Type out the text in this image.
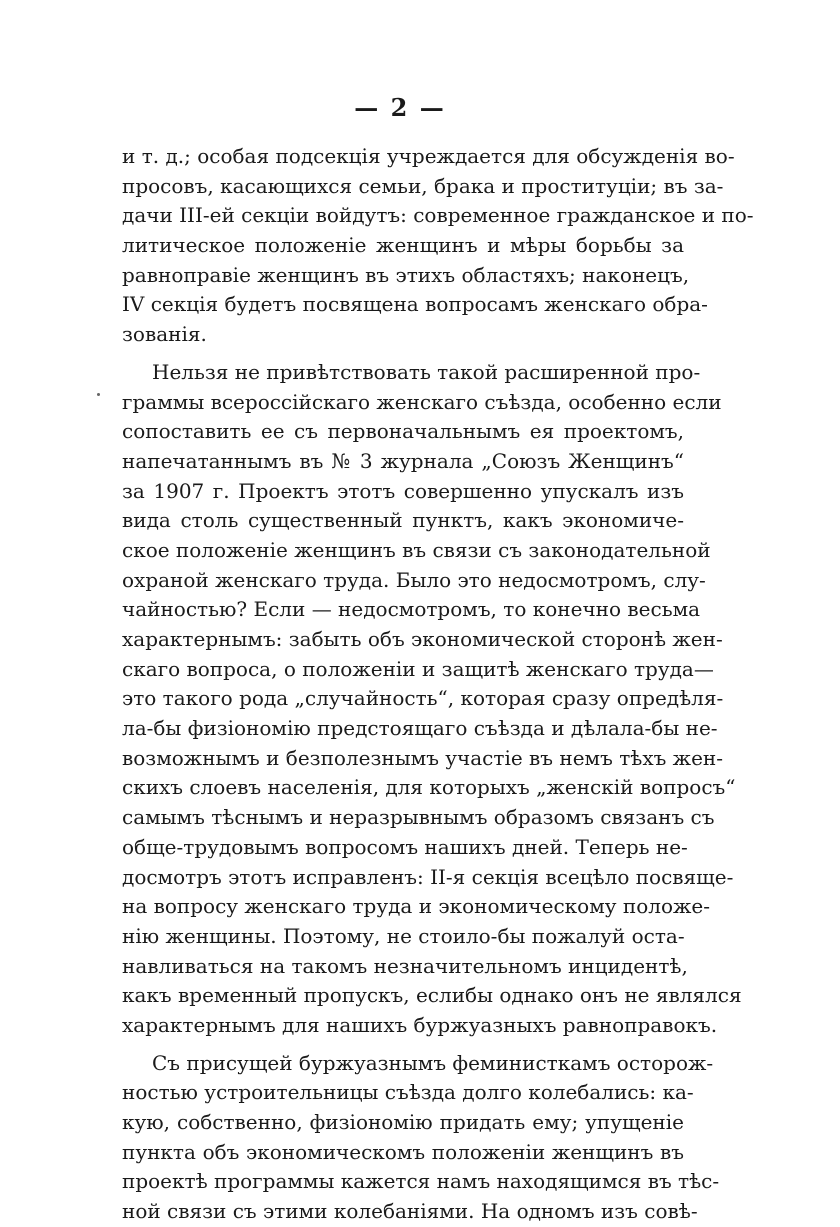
— 2 —
и т. д.; особая подсекція учреждается для обсужденія во-
просовъ, касающихся семьи, брака и проституціи; въ за-
дачи III-ей секціи войдутъ: современное гражданское и по-
литическое положеніе женщинъ и мѣры борьбы за
равноправіе женщинъ въ этихъ областяхъ; наконецъ,
IV секція будетъ посвящена вопросамъ женскаго обра-
зованія.
Нельзя не привѣтствовать такой расширенной про-
граммы всероссійскаго женскаго съѣзда, особенно если
сопоставить ее съ первоначальнымъ ея проектомъ,
напечатаннымъ въ № 3 журнала „Союзъ Женщинъ“
за 1907 г. Проектъ этотъ совершенно упускалъ изъ
вида столь существенный пунктъ, какъ экономиче-
ское положеніе женщинъ въ связи съ законодательной
охраной женскаго труда. Было это недосмотромъ, слу-
чайностью? Если — недосмотромъ, то конечно весьма
характернымъ: забыть объ экономической сторонѣ жен-
скаго вопроса, о положеніи и защитѣ женскаго труда—
это такого рода „случайность“, которая сразу опредѣля-
ла-бы физіономію предстоящаго съѣзда и дѣлала-бы не-
возможнымъ и безполезнымъ участіе въ немъ тѣхъ жен-
скихъ слоевъ населенія, для которыхъ „женскій вопросъ“
самымъ тѣснымъ и неразрывнымъ образомъ связанъ съ
обще-трудовымъ вопросомъ нашихъ дней. Теперь не-
досмотръ этотъ исправленъ: II-я секція всецѣло посвяще-
на вопросу женскаго труда и экономическому положе-
нію женщины. Поэтому, не стоило-бы пожалуй оста-
навливаться на такомъ незначительномъ инцидентѣ,
какъ временный пропускъ, еслибы однако онъ не являлся
характернымъ для нашихъ буржуазныхъ равноправокъ.
Съ присущей буржуазнымъ феминисткамъ осторож-
ностью устроительницы съѣзда долго колебались: ка-
кую, собственно, физіономію придать ему; упущеніе
пункта объ экономическомъ положеніи женщинъ въ
проектѣ программы кажется намъ находящимся въ тѣс-
ной связи съ этими колебаніями. На одномъ изъ совѣ-
